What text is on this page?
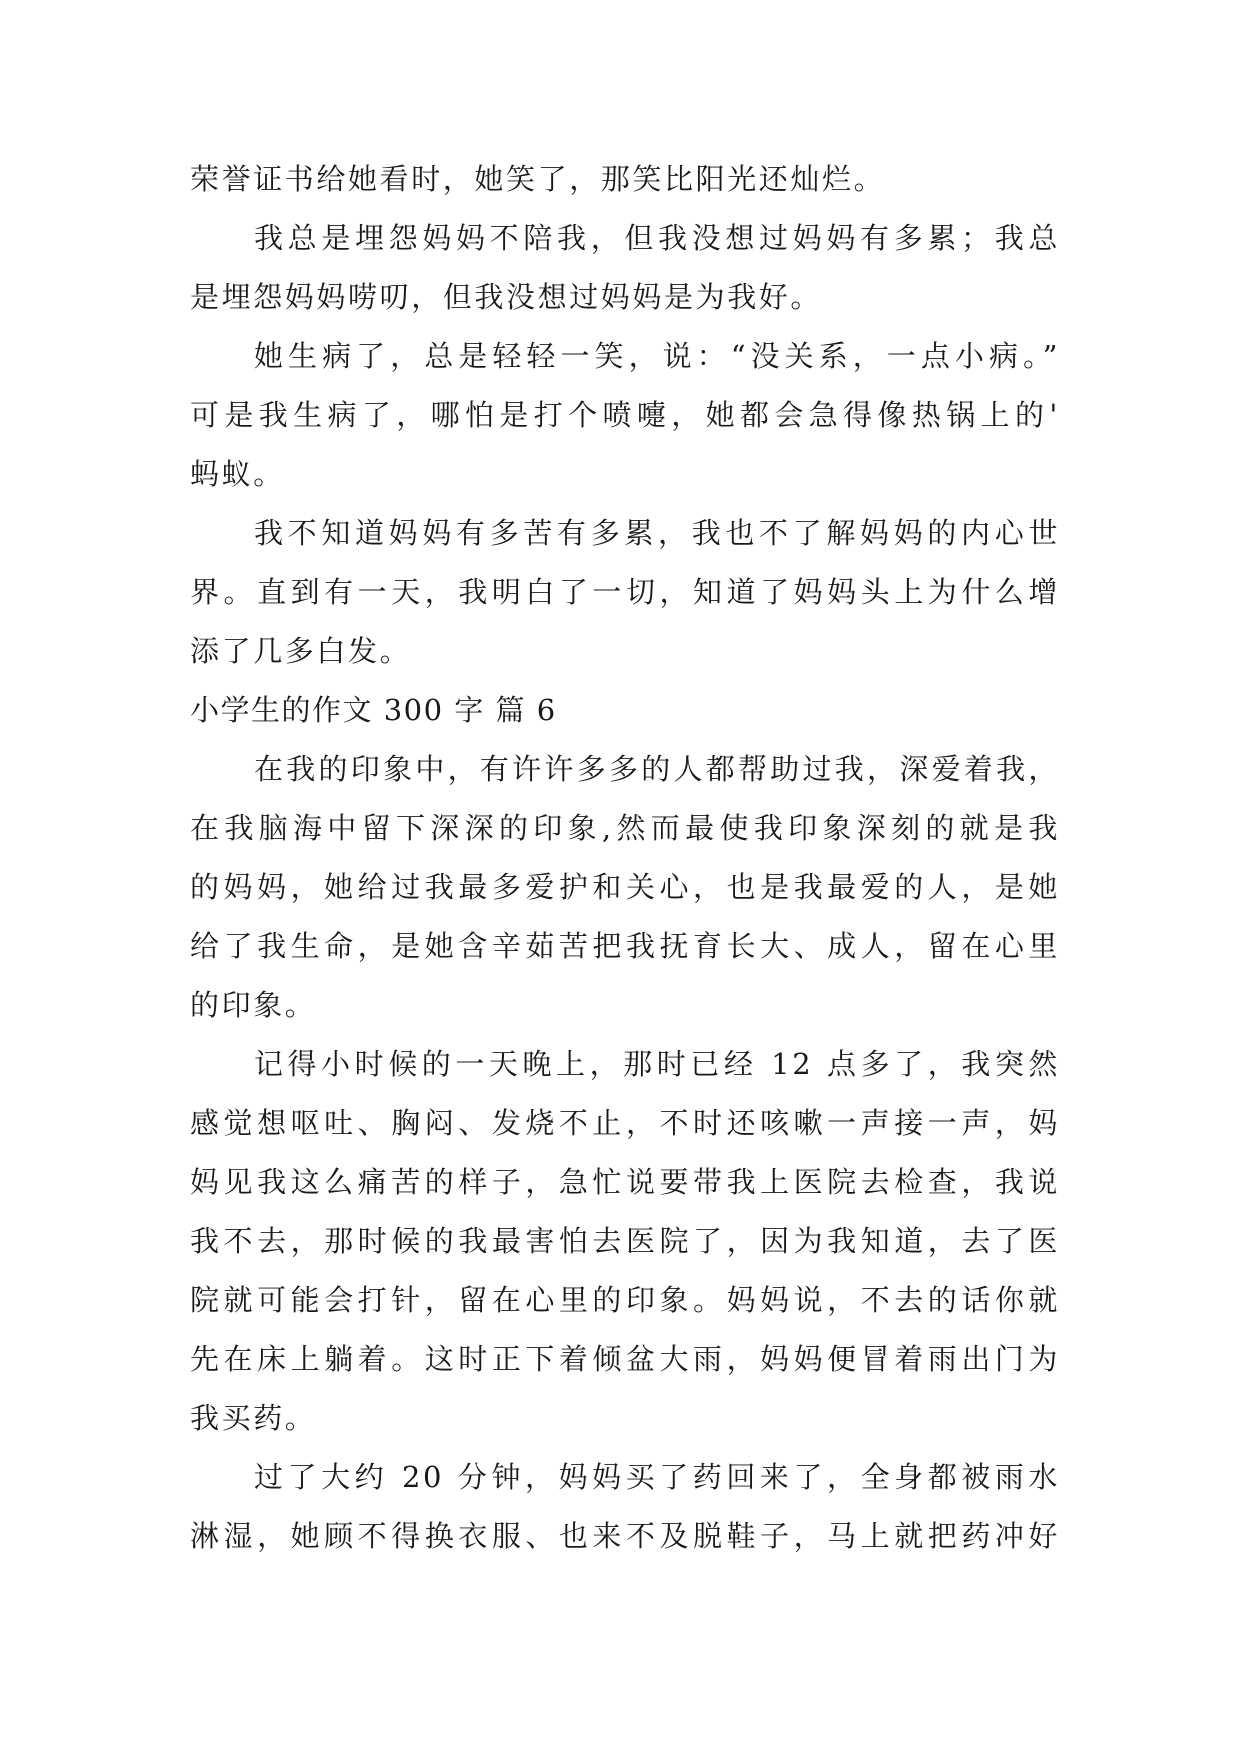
荣誉证书给她看时，她笑了，那笑比阳光还灿烂。

我总是埋怨妈妈不陪我，但我没想过妈妈有多累；我总
是埋怨妈妈唠叨，但我没想过妈妈是为我好。

她生病了，总是轻轻一笑，说：“没关系，一点小病。”
可是我生病了，哪怕是打个喷嚏，她都会急得像热锅上的'
蚂蚁。

我不知道妈妈有多苦有多累，我也不了解妈妈的内心世
界。直到有一天，我明白了一切，知道了妈妈头上为什么增
添了几多白发。

小学生的作文 300 字 篇 6

在我的印象中，有许许多多的人都帮助过我，深爱着我，
在我脑海中留下深深的印象,然而最使我印象深刻的就是我
的妈妈，她给过我最多爱护和关心，也是我最爱的人，是她
给了我生命，是她含辛茹苦把我抚育长大、成人，留在心里
的印象。

记得小时候的一天晚上，那时已经 12 点多了，我突然
感觉想呕吐、胸闷、发烧不止，不时还咳嗽一声接一声，妈
妈见我这么痛苦的样子，急忙说要带我上医院去检查，我说
我不去，那时候的我最害怕去医院了，因为我知道，去了医
院就可能会打针，留在心里的印象。妈妈说，不去的话你就
先在床上躺着。这时正下着倾盆大雨，妈妈便冒着雨出门为
我买药。

过了大约 20 分钟，妈妈买了药回来了，全身都被雨水
淋湿，她顾不得换衣服、也来不及脱鞋子，马上就把药冲好
